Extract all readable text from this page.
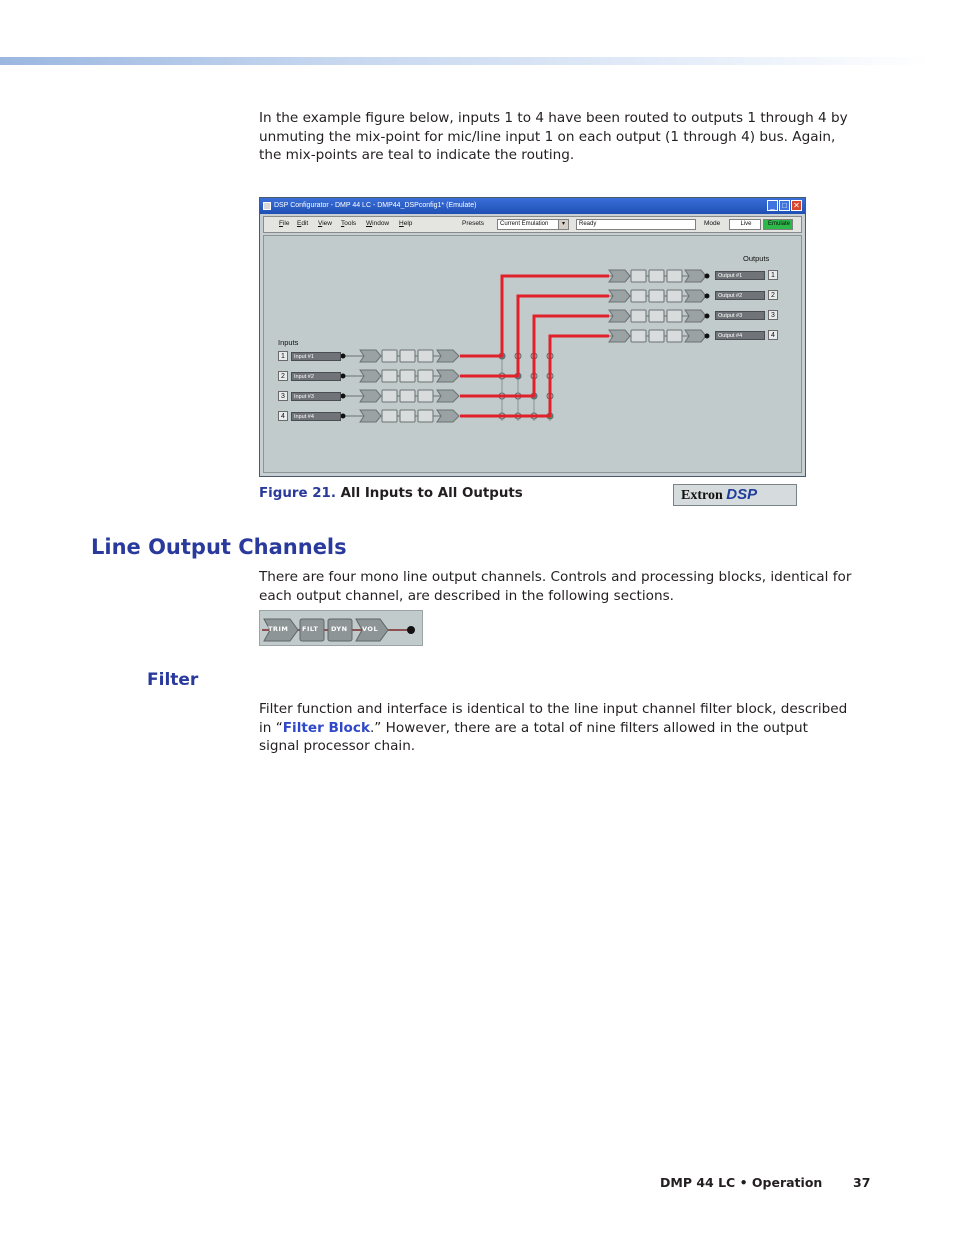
In the example figure below, inputs 1 to 4 have been routed to outputs 1 through 4 by unmuting the mix-point for mic/line input 1 on each output (1 through 4) bus. Again, the mix-points are teal to indicate the routing.

DSP Configurator - DMP 44 LC - DMP44_DSPconfig1* (Emulate)	_ □ ✕
File Edit View Tools Window Help	Presets	Current Emulation	▾	Ready	Mode	Live	Emulate
Inputs
Outputs
1	Input #1
2	Input #2
3	Input #3
4	Input #4
Output #1	1
Output #2	2
Output #3	3
Output #4	4
Extron DSP
Figure 21. All Inputs to All Outputs
Line Output Channels

There are four mono line output channels. Controls and processing blocks, identical for each output channel, are described in the following sections.

TRIM FILT DYN VOL
Filter

Filter function and interface is identical to the line input channel filter block, described in “Filter Block.” However, there are a total of nine filters allowed in the output signal processor chain.

DMP 44 LC • Operation 37
